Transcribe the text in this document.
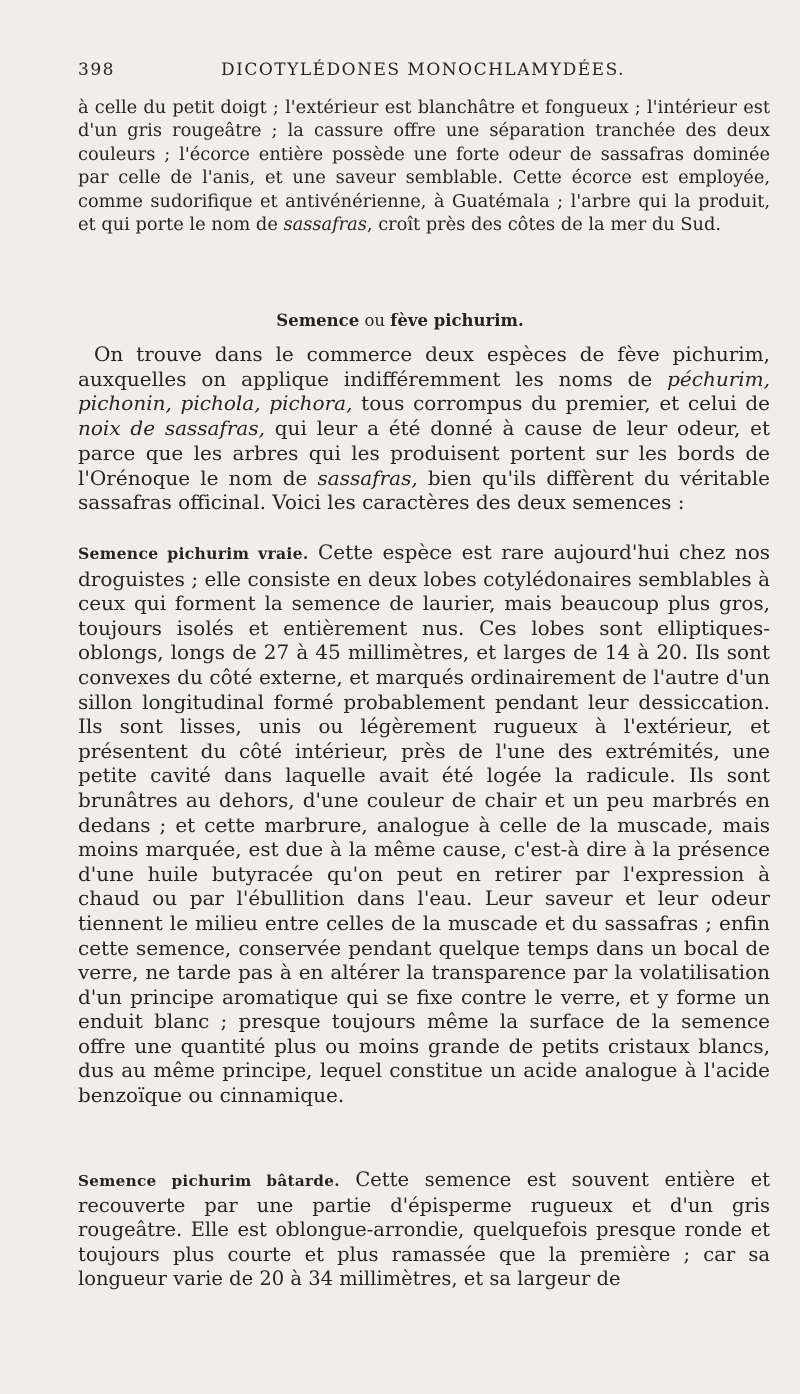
398	DICOTYLÉDONES MONOCHLAMYDÉES.

à celle du petit doigt ; l'extérieur est blanchâtre et fongueux ; l'intérieur est d'un gris rougeâtre ; la cassure offre une séparation tranchée des deux couleurs ; l'écorce entière possède une forte odeur de sassafras dominée par celle de l'anis, et une saveur semblable. Cette écorce est employée, comme sudorifique et antivénérienne, à Guatémala ; l'arbre qui la produit, et qui porte le nom de sassafras, croît près des côtes de la mer du Sud.

Semence ou fève pichurim.

On trouve dans le commerce deux espèces de fève pichurim, auxquelles on applique indifféremment les noms de péchurim, pichonin, pichola, pichora, tous corrompus du premier, et celui de noix de sassafras, qui leur a été donné à cause de leur odeur, et parce que les arbres qui les produisent portent sur les bords de l'Orénoque le nom de sassafras, bien qu'ils diffèrent du véritable sassafras officinal. Voici les caractères des deux semences :

Semence pichurim vraie. Cette espèce est rare aujourd'hui chez nos droguistes ; elle consiste en deux lobes cotylédonaires semblables à ceux qui forment la semence de laurier, mais beaucoup plus gros, toujours isolés et entièrement nus. Ces lobes sont elliptiques-oblongs, longs de 27 à 45 millimètres, et larges de 14 à 20. Ils sont convexes du côté externe, et marqués ordinairement de l'autre d'un sillon longitudinal formé probablement pendant leur dessiccation. Ils sont lisses, unis ou légèrement rugueux à l'extérieur, et présentent du côté intérieur, près de l'une des extrémités, une petite cavité dans laquelle avait été logée la radicule. Ils sont brunâtres au dehors, d'une couleur de chair et un peu marbrés en dedans ; et cette marbrure, analogue à celle de la muscade, mais moins marquée, est due à la même cause, c'est-à dire à la présence d'une huile butyracée qu'on peut en retirer par l'expression à chaud ou par l'ébullition dans l'eau. Leur saveur et leur odeur tiennent le milieu entre celles de la muscade et du sassafras ; enfin cette semence, conservée pendant quelque temps dans un bocal de verre, ne tarde pas à en altérer la transparence par la volatilisation d'un principe aromatique qui se fixe contre le verre, et y forme un enduit blanc ; presque toujours même la surface de la semence offre une quantité plus ou moins grande de petits cristaux blancs, dus au même principe, lequel constitue un acide analogue à l'acide benzoïque ou cinnamique.

Semence pichurim bâtarde. Cette semence est souvent entière et recouverte par une partie d'épisperme rugueux et d'un gris rougeâtre. Elle est oblongue-arrondie, quelquefois presque ronde et toujours plus courte et plus ramassée que la première ; car sa longueur varie de 20 à 34 millimètres, et sa largeur de
